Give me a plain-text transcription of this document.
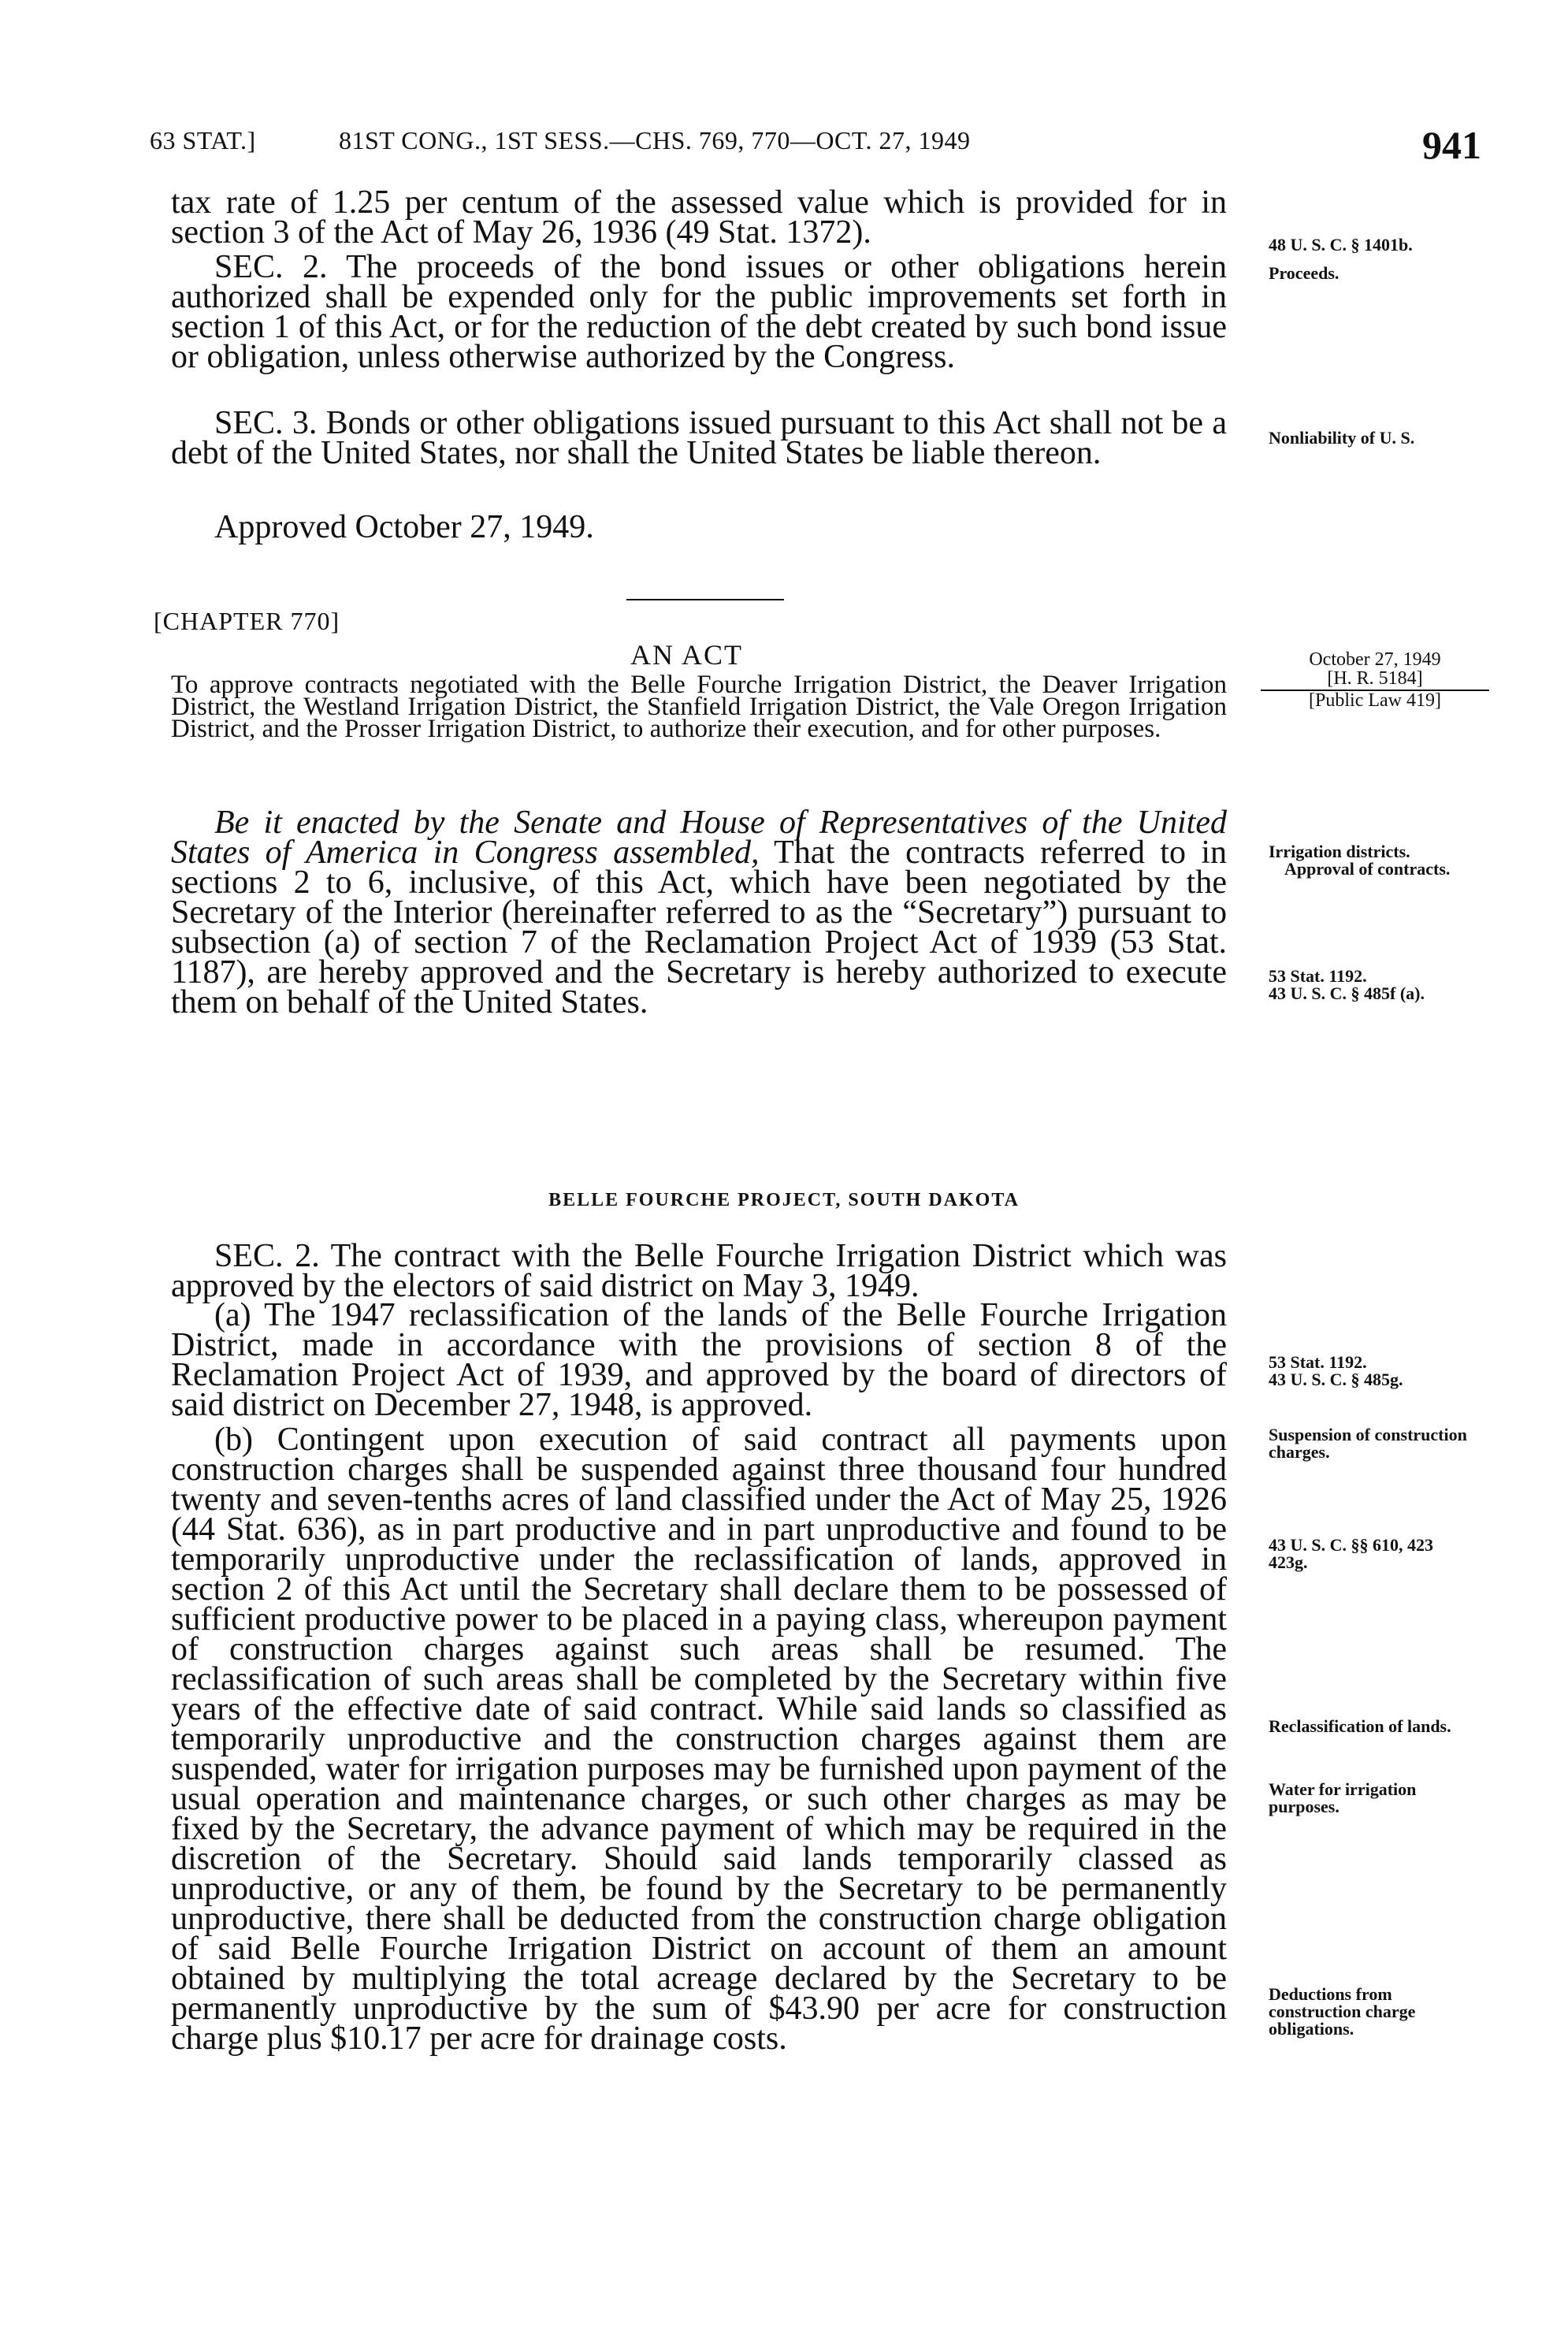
63 STAT.]	81ST CONG., 1ST SESS.—CHS. 769, 770—OCT. 27, 1949	941

tax rate of 1.25 per centum of the assessed value which is provided for in section 3 of the Act of May 26, 1936 (49 Stat. 1372).

SEC. 2. The proceeds of the bond issues or other obligations herein authorized shall be expended only for the public improvements set forth in section 1 of this Act, or for the reduction of the debt created by such bond issue or obligation, unless otherwise authorized by the Congress.

SEC. 3. Bonds or other obligations issued pursuant to this Act shall not be a debt of the United States, nor shall the United States be liable thereon.

Approved October 27, 1949.

48 U. S. C. § 1401b.
Proceeds.
Nonliability of U. S.
[CHAPTER 770]
AN ACT	October 27, 1949
[H. R. 5184]
[Public Law 419]

To approve contracts negotiated with the Belle Fourche Irrigation District, the Deaver Irrigation District, the Westland Irrigation District, the Stanfield Irrigation District, the Vale Oregon Irrigation District, and the Prosser Irrigation District, to authorize their execution, and for other purposes.

Be it enacted by the Senate and House of Representatives of the United States of America in Congress assembled, That the contracts referred to in sections 2 to 6, inclusive, of this Act, which have been negotiated by the Secretary of the Interior (hereinafter referred to as the “Secretary”) pursuant to subsection (a) of section 7 of the Reclamation Project Act of 1939 (53 Stat. 1187), are hereby approved and the Secretary is hereby authorized to execute them on behalf of the United States.

Irrigation districts.
Approval of contracts.
53 Stat. 1192.
43 U. S. C. § 485f (a).
BELLE FOURCHE PROJECT, SOUTH DAKOTA

SEC. 2. The contract with the Belle Fourche Irrigation District which was approved by the electors of said district on May 3, 1949.

(a) The 1947 reclassification of the lands of the Belle Fourche Irrigation District, made in accordance with the provisions of section 8 of the Reclamation Project Act of 1939, and approved by the board of directors of said district on December 27, 1948, is approved.

(b) Contingent upon execution of said contract all payments upon construction charges shall be suspended against three thousand four hundred twenty and seven-tenths acres of land classified under the Act of May 25, 1926 (44 Stat. 636), as in part productive and in part unproductive and found to be temporarily unproductive under the reclassification of lands, approved in section 2 of this Act until the Secretary shall declare them to be possessed of sufficient productive power to be placed in a paying class, whereupon payment of construction charges against such areas shall be resumed. The reclassification of such areas shall be completed by the Secretary within five years of the effective date of said contract. While said lands so classified as temporarily unproductive and the construction charges against them are suspended, water for irrigation purposes may be furnished upon payment of the usual operation and maintenance charges, or such other charges as may be fixed by the Secretary, the advance payment of which may be required in the discretion of the Secretary. Should said lands temporarily classed as unproductive, or any of them, be found by the Secretary to be permanently unproductive, there shall be deducted from the construction charge obligation of said Belle Fourche Irrigation District on account of them an amount obtained by multiplying the total acreage declared by the Secretary to be permanently unproductive by the sum of $43.90 per acre for construction charge plus $10.17 per acre for drainage costs.

53 Stat. 1192.
43 U. S. C. § 485g.
Suspension of construction charges.
43 U. S. C. §§ 610, 423 423g.
Reclassification of lands.
Water for irrigation purposes.
Deductions from construction charge obligations.
